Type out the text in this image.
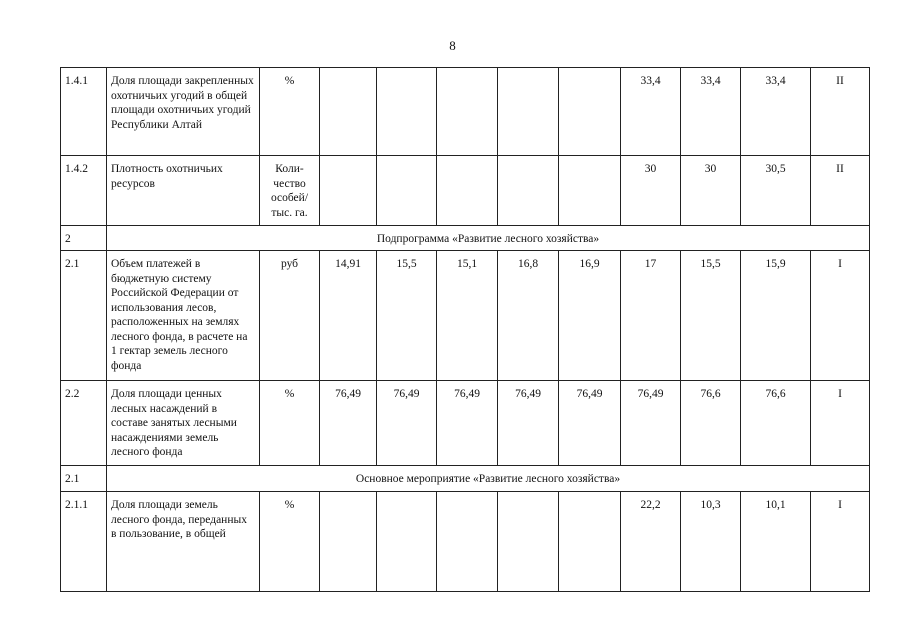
8
1.4.1	Доля площади закрепленных охотничьих угодий в общей площади охотничьих угодий Республики Алтай	%						33,4	33,4	33,4	II
1.4.2	Плотность охотничьих ресурсов	Коли-чество особей/ тыс. га.						30	30	30,5	II
2	Подпрограмма «Развитие лесного хозяйства»										
2.1	Объем платежей в бюджетную систему Российской Федерации от использования лесов, расположенных на землях лесного фонда, в расчете на 1 гектар земель лесного фонда	руб	14,91	15,5	15,1	16,8	16,9	17	15,5	15,9	I
2.2	Доля площади ценных лесных насаждений в составе занятых лесными насаждениями земель лесного фонда	%	76,49	76,49	76,49	76,49	76,49	76,49	76,6	76,6	I
2.1	Основное мероприятие «Развитие лесного хозяйства»										
2.1.1	Доля площади земель лесного фонда, переданных в пользование, в общей	%						22,2	10,3	10,1	I
